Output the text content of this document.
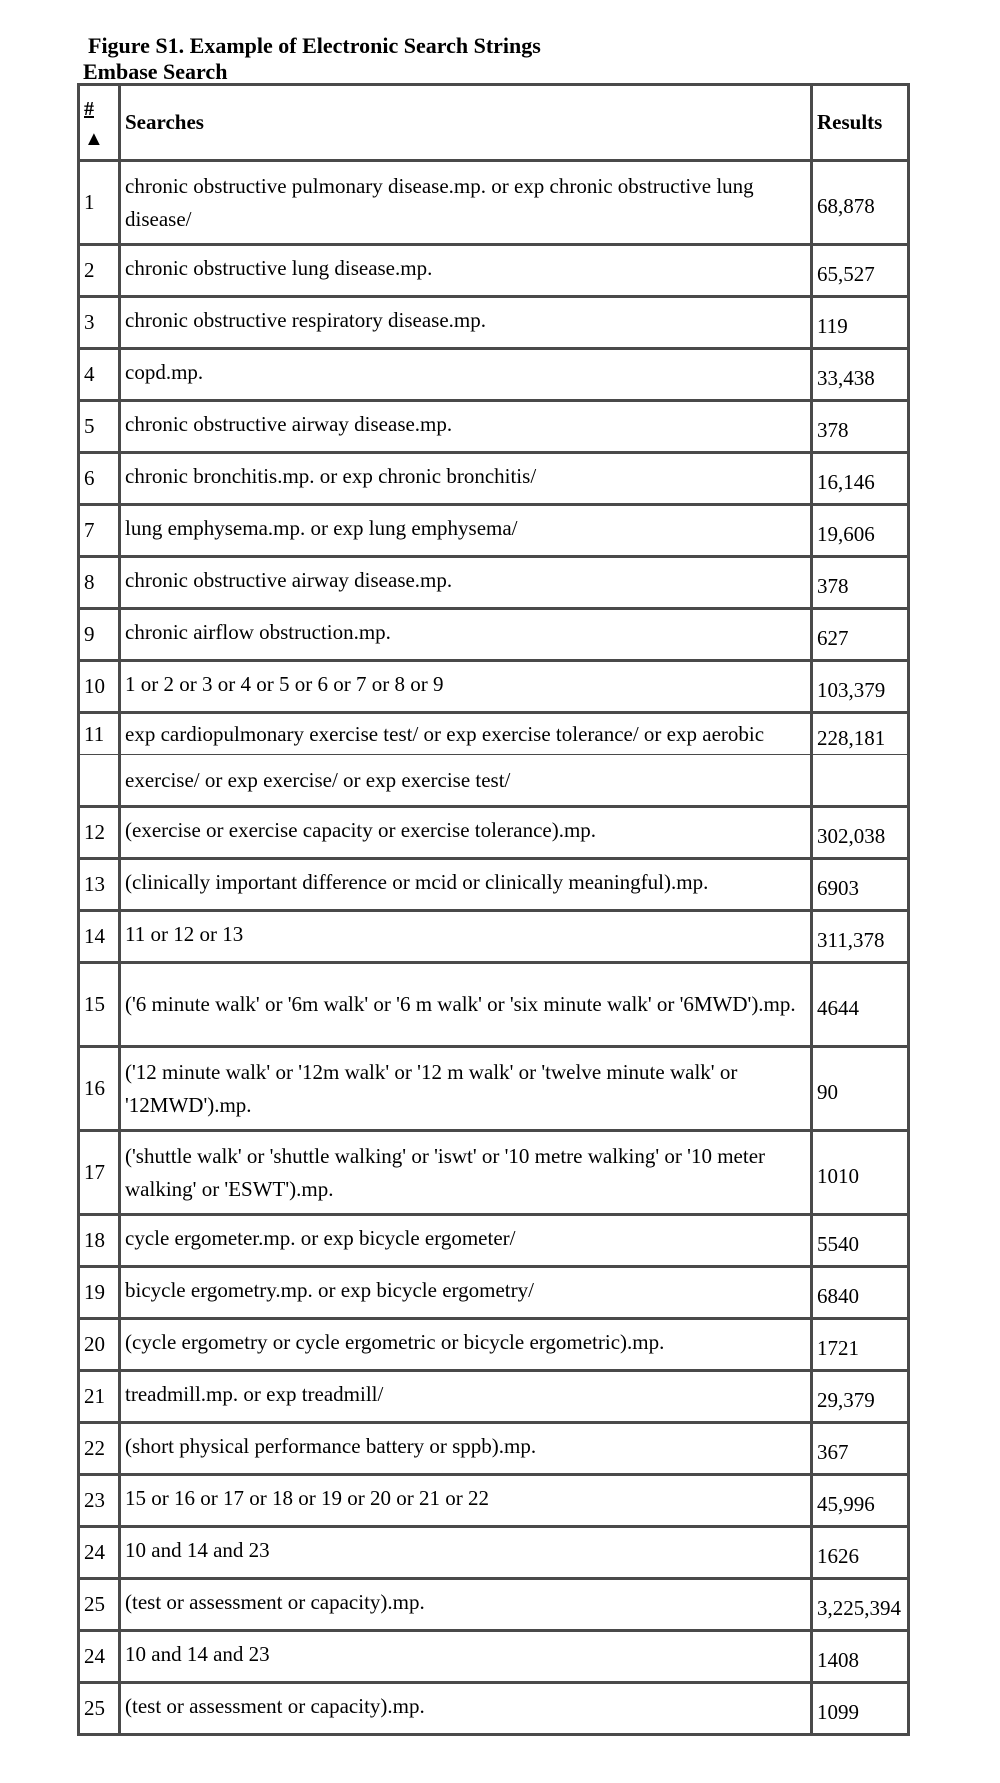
Figure S1. Example of Electronic Search Strings
Embase Search
#
▲	Searches	Results
1	chronic obstructive pulmonary disease.mp. or exp chronic obstructive lung disease/	68,878
2	chronic obstructive lung disease.mp.	65,527
3	chronic obstructive respiratory disease.mp.	119
4	copd.mp.	33,438
5	chronic obstructive airway disease.mp.	378
6	chronic bronchitis.mp. or exp chronic bronchitis/	16,146
7	lung emphysema.mp. or exp lung emphysema/	19,606
8	chronic obstructive airway disease.mp.	378
9	chronic airflow obstruction.mp.	627
10	1 or 2 or 3 or 4 or 5 or 6 or 7 or 8 or 9	103,379
11	exp cardiopulmonary exercise test/ or exp exercise tolerance/ or exp aerobic	228,181
	exercise/ or exp exercise/ or exp exercise test/	
12	(exercise or exercise capacity or exercise tolerance).mp.	302,038
13	(clinically important difference or mcid or clinically meaningful).mp.	6903
14	11 or 12 or 13	311,378
15	('6 minute walk' or '6m walk' or '6 m walk' or 'six minute walk' or '6MWD').mp.	4644
16	('12 minute walk' or '12m walk' or '12 m walk' or 'twelve minute walk' or '12MWD').mp.	90
17	('shuttle walk' or 'shuttle walking' or 'iswt' or '10 metre walking' or '10 meter walking' or 'ESWT').mp.	1010
18	cycle ergometer.mp. or exp bicycle ergometer/	5540
19	bicycle ergometry.mp. or exp bicycle ergometry/	6840
20	(cycle ergometry or cycle ergometric or bicycle ergometric).mp.	1721
21	treadmill.mp. or exp treadmill/	29,379
22	(short physical performance battery or sppb).mp.	367
23	15 or 16 or 17 or 18 or 19 or 20 or 21 or 22	45,996
24	10 and 14 and 23	1626
25	(test or assessment or capacity).mp.	3,225,394
24	10 and 14 and 23	1408
25	(test or assessment or capacity).mp.	1099
